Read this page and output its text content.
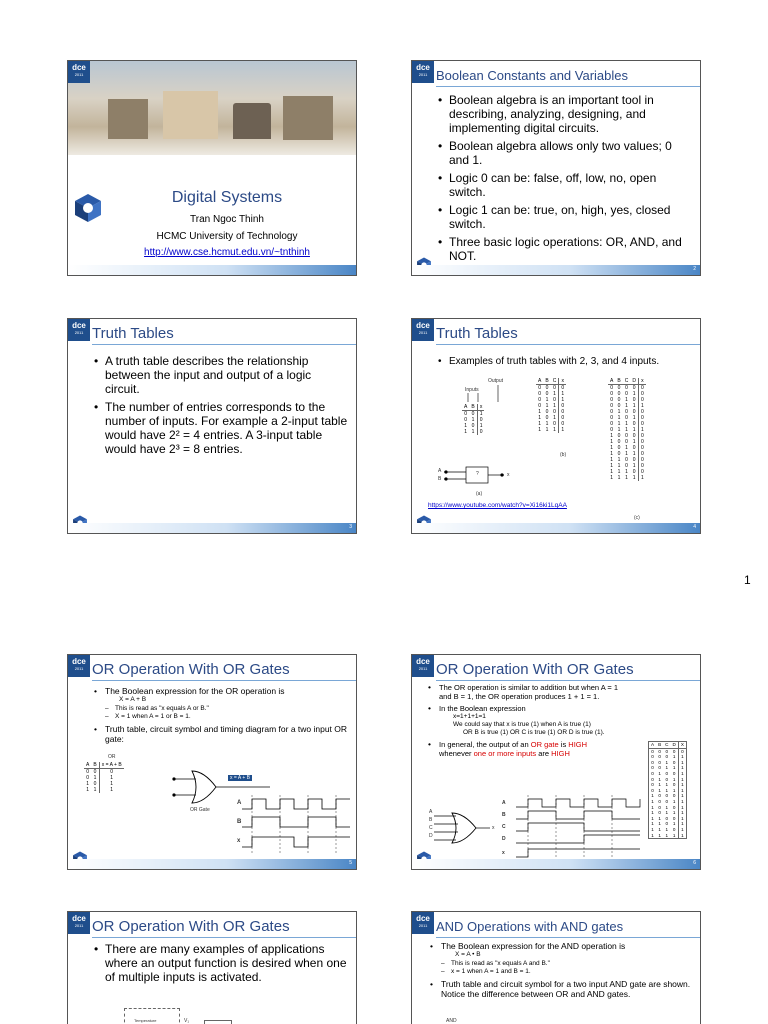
dce
2011
Digital Systems
Tran Ngoc Thinh
HCMC University of Technology
http://www.cse.hcmut.edu.vn/~tnthinh
dce
2011 Boolean Constants and Variables
• Boolean algebra is an important tool in describing, analyzing, designing, and implementing digital circuits.
• Boolean algebra allows only two values; 0 and 1.
• Logic 0 can be: false, off, low, no, open switch.
• Logic 1 can be: true, on, high, yes, closed switch.
• Three basic logic operations: OR, AND, and NOT.
2
dce
2011 Truth Tables
• A truth table describes the relationship between the input and output of a logic circuit.
• The number of entries corresponds to the number of inputs. For example a 2-input table would have 2² = 4 entries. A 3-input table would have 2³ = 8 entries.
3
dce
2011 Truth Tables
• Examples of truth tables with 2, 3, and 4 inputs.
Output
Inputs
A	B	x
0	0	1
0	1	0
1	0	1
1	1	0
?
A
B
x
(a)
A	B	C	x
0	0	0	0
0	0	1	1
0	1	0	1
0	1	1	0
1	0	0	0
1	0	1	0
1	1	0	0
1	1	1	1
(b)
A	B	C	D	x
0	0	0	0	0
0	0	0	1	0
0	0	1	0	0
0	0	1	1	1
0	1	0	0	0
0	1	0	1	0
0	1	1	0	0
0	1	1	1	1
1	0	0	0	0
1	0	0	1	0
1	0	1	0	0
1	0	1	1	0
1	1	0	0	0
1	1	0	1	0
1	1	1	0	0
1	1	1	1	1
(c)
https://www.youtube.com/watch?v=Xi16ki1LqAA
4
1
dce
2011 OR Operation With OR Gates
• The Boolean expression for the OR operation is
X = A + B
– This is read as "x equals A or B."
– X = 1 when A = 1 or B = 1.
• Truth table, circuit symbol and timing diagram for a two input OR gate:
OR
A	B	x = A + B
0	0	0
0	1	1
1	0	1
1	1	1
x = A + B
OR Gate
A
B
x
5
dce
2011 OR Operation With OR Gates
• The OR operation is similar to addition but when A = 1 and B = 1, the OR operation produces 1 + 1 = 1.
• In the Boolean expression
x=1+1+1=1
We could say that x is true (1) when A is true (1)
OR B is true (1) OR C is true (1) OR D is true (1).
• In general, the output of an OR gate is HIGH
whenever one or more inputs are HIGH
A	B	C	D	X
0	0	0	0	0
0	0	0	1	1
0	0	1	0	1
0	0	1	1	1
0	1	0	0	1
0	1	0	1	1
0	1	1	0	1
0	1	1	1	1
1	0	0	0	1
1	0	0	1	1
1	0	1	0	1
1	0	1	1	1
1	1	0	0	1
1	1	0	1	1
1	1	1	0	1
1	1	1	1	1
A
B
C
D
x
A
B
C
D
x
6
dce
2011 OR Operation With OR Gates
• There are many examples of applications where an output function is desired when one of multiple inputs is activated.
Temperature	V₁
dce
2011 AND Operations with AND gates
• The Boolean expression for the AND operation is
X = A • B
– This is read as "x equals A and B."
– x = 1 when A = 1 and B = 1.
• Truth table and circuit symbol for a two input AND gate are shown. Notice the difference between OR and AND gates.
AND
